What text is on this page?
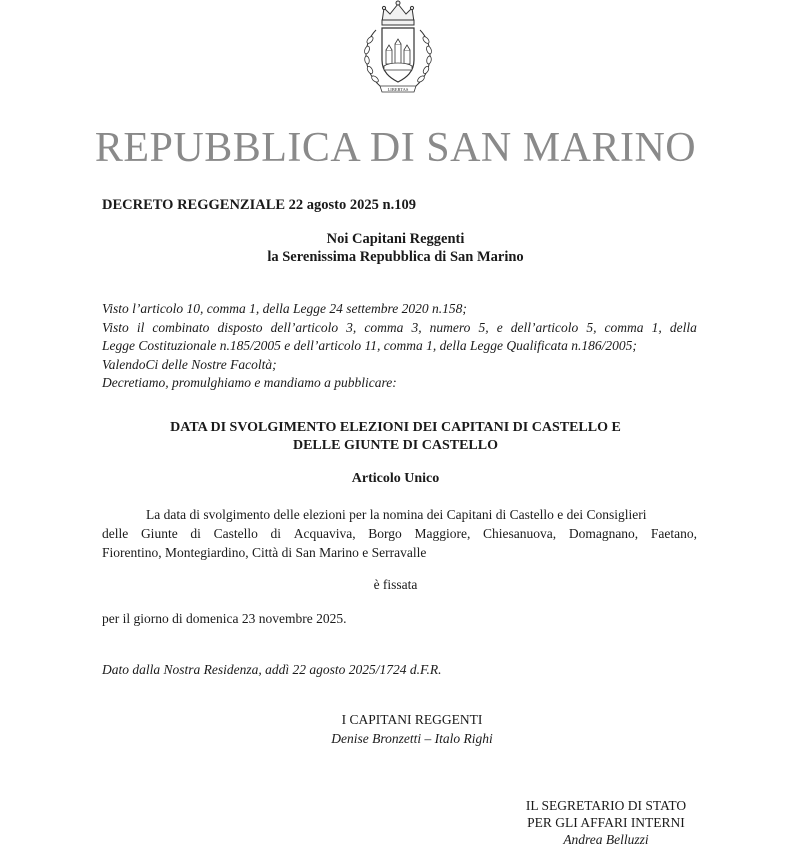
LIBERTAS
REPUBBLICA DI SAN MARINO
DECRETO REGGENZIALE 22 agosto 2025 n.109
Noi Capitani Reggenti
la Serenissima Repubblica di San Marino
Visto l’articolo 10, comma 1, della Legge 24 settembre 2020 n.158;
Visto il combinato disposto dell’articolo 3, comma 3, numero 5, e dell’articolo 5, comma 1, della
Legge Costituzionale n.185/2005 e dell’articolo 11, comma 1, della Legge Qualificata n.186/2005;
ValendoCi delle Nostre Facoltà;
Decretiamo, promulghiamo e mandiamo a pubblicare:
DATA DI SVOLGIMENTO ELEZIONI DEI CAPITANI DI CASTELLO E
DELLE GIUNTE DI CASTELLO
Articolo Unico
La data di svolgimento delle elezioni per la nomina dei Capitani di Castello e dei Consiglieri
delle Giunte di Castello di Acquaviva, Borgo Maggiore, Chiesanuova, Domagnano, Faetano,
Fiorentino, Montegiardino, Città di San Marino e Serravalle
è fissata
per il giorno di domenica 23 novembre 2025.
Dato dalla Nostra Residenza, addì 22 agosto 2025/1724 d.F.R.
I CAPITANI REGGENTI
Denise Bronzetti – Italo Righi
IL SEGRETARIO DI STATO
PER GLI AFFARI INTERNI
Andrea Belluzzi
